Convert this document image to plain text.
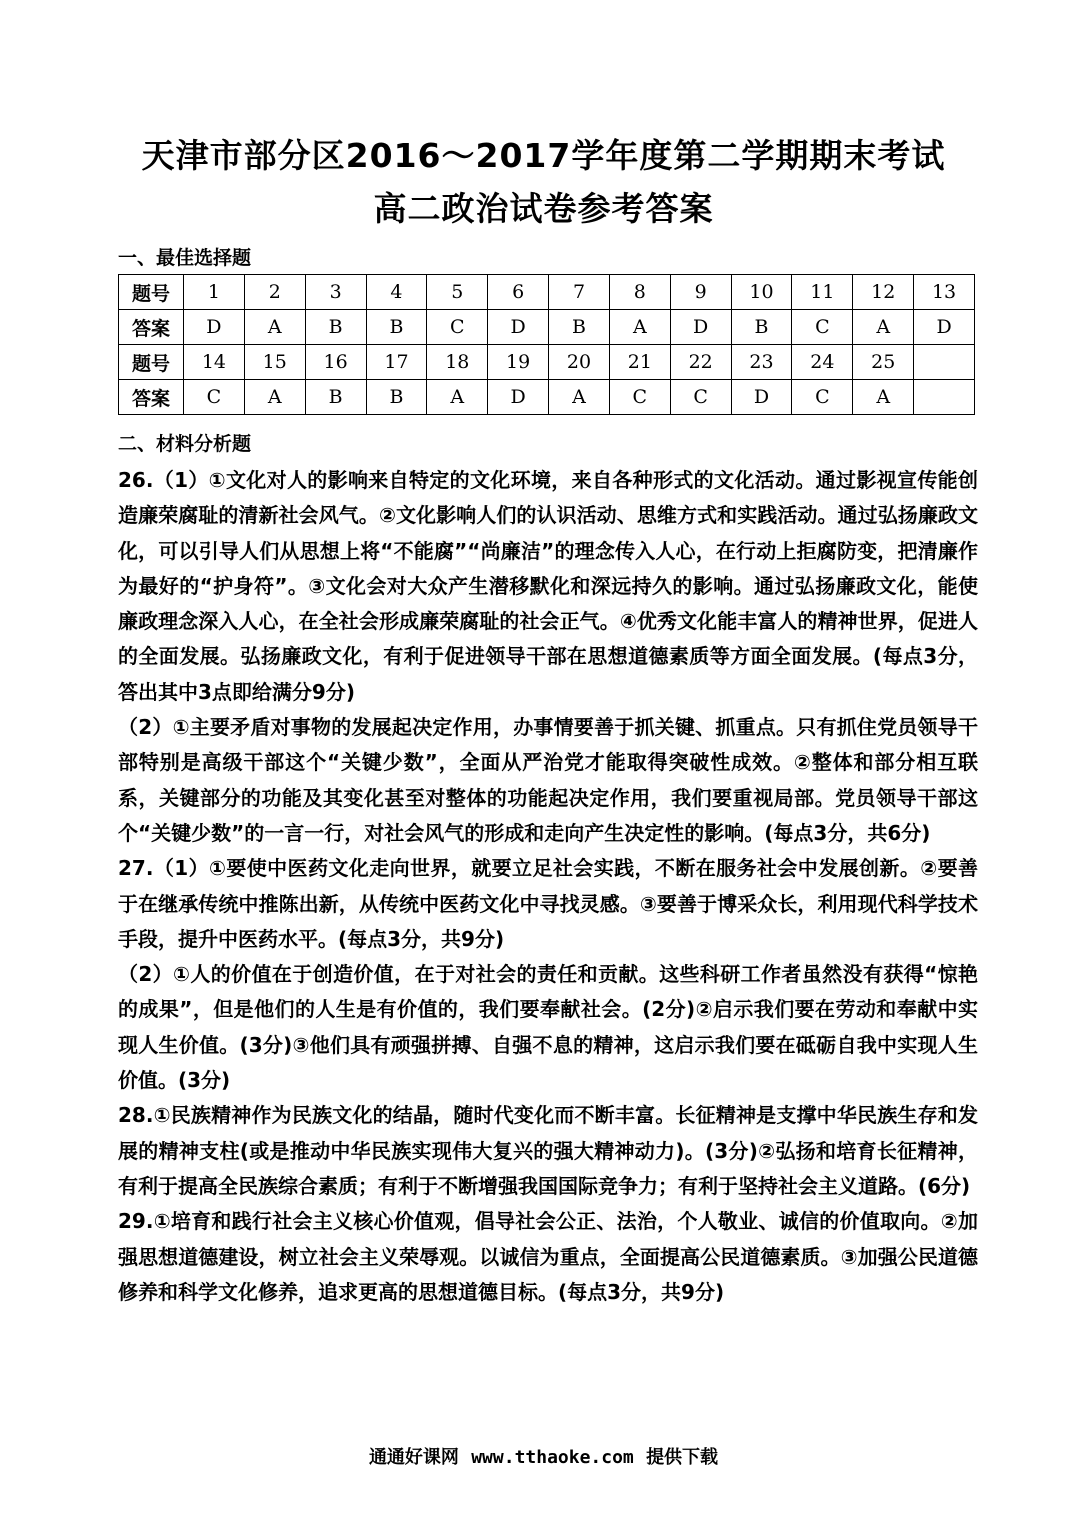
天津市部分区2016～2017学年度第二学期期末考试
高二政治试卷参考答案
一、最佳选择题
题号	1	2	3	4	5	6	7	8	9	10	11	12	13
答案	D	A	B	B	C	D	B	A	D	B	C	A	D
题号	14	15	16	17	18	19	20	21	22	23	24	25	
答案	C	A	B	B	A	D	A	C	C	D	C	A	
二、材料分析题

26.（1）①文化对人的影响来自特定的文化环境，来自各种形式的文化活动。通过影视宣传能创造廉荣腐耻的清新社会风气。②文化影响人们的认识活动、思维方式和实践活动。通过弘扬廉政文化，可以引导人们从思想上将“不能腐”“尚廉洁”的理念传入人心，在行动上拒腐防变，把清廉作为最好的“护身符”。③文化会对大众产生潜移默化和深远持久的影响。通过弘扬廉政文化，能使廉政理念深入人心，在全社会形成廉荣腐耻的社会正气。④优秀文化能丰富人的精神世界，促进人的全面发展。弘扬廉政文化，有利于促进领导干部在思想道德素质等方面全面发展。(每点3分，答出其中3点即给满分9分)

（2）①主要矛盾对事物的发展起决定作用，办事情要善于抓关键、抓重点。只有抓住党员领导干部特别是高级干部这个“关键少数”，全面从严治党才能取得突破性成效。②整体和部分相互联系，关键部分的功能及其变化甚至对整体的功能起决定作用，我们要重视局部。党员领导干部这个“关键少数”的一言一行，对社会风气的形成和走向产生决定性的影响。(每点3分，共6分)

27.（1）①要使中医药文化走向世界，就要立足社会实践，不断在服务社会中发展创新。②要善于在继承传统中推陈出新，从传统中医药文化中寻找灵感。③要善于博采众长，利用现代科学技术手段，提升中医药水平。(每点3分，共9分)

（2）①人的价值在于创造价值，在于对社会的责任和贡献。这些科研工作者虽然没有获得“惊艳的成果”，但是他们的人生是有价值的，我们要奉献社会。(2分)②启示我们要在劳动和奉献中实现人生价值。(3分)③他们具有顽强拼搏、自强不息的精神，这启示我们要在砥砺自我中实现人生价值。(3分)

28.①民族精神作为民族文化的结晶，随时代变化而不断丰富。长征精神是支撑中华民族生存和发展的精神支柱(或是推动中华民族实现伟大复兴的强大精神动力)。(3分)②弘扬和培育长征精神，有利于提高全民族综合素质；有利于不断增强我国国际竞争力；有利于坚持社会主义道路。(6分)

29.①培育和践行社会主义核心价值观，倡导社会公正、法治，个人敬业、诚信的价值取向。②加强思想道德建设，树立社会主义荣辱观。以诚信为重点，全面提高公民道德素质。③加强公民道德修养和科学文化修养，追求更高的思想道德目标。(每点3分，共9分)

通通好课网 www.tthaoke.com 提供下载
